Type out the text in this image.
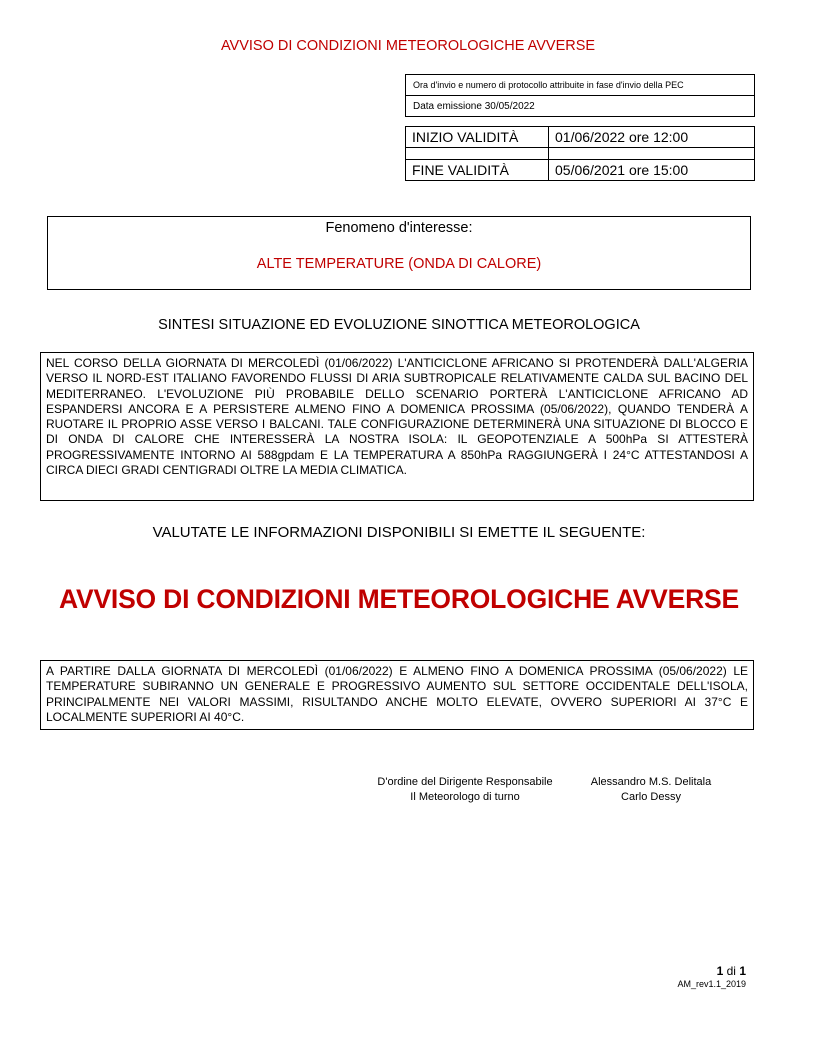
AVVISO DI CONDIZIONI METEOROLOGICHE AVVERSE
Ora d'invio e numero di protocollo attribuite in fase d'invio della PEC
Data emissione 30/05/2022
INIZIO VALIDITÀ	01/06/2022 ore 12:00

FINE VALIDITÀ	05/06/2021 ore 15:00
Fenomeno d'interesse:
ALTE TEMPERATURE (ONDA DI CALORE)
SINTESI SITUAZIONE ED EVOLUZIONE SINOTTICA METEOROLOGICA
NEL CORSO DELLA GIORNATA DI MERCOLEDÌ (01/06/2022) L'ANTICICLONE AFRICANO SI PROTENDERÀ DALL'ALGERIA VERSO IL NORD-EST ITALIANO FAVORENDO FLUSSI DI ARIA SUBTROPICALE RELATIVAMENTE CALDA SUL BACINO DEL MEDITERRANEO. L'EVOLUZIONE PIÙ PROBABILE DELLO SCENARIO PORTERÀ L'ANTICICLONE AFRICANO AD ESPANDERSI ANCORA E A PERSISTERE ALMENO FINO A DOMENICA PROSSIMA (05/06/2022), QUANDO TENDERÀ A RUOTARE IL PROPRIO ASSE VERSO I BALCANI. TALE CONFIGURAZIONE DETERMINERÀ UNA SITUAZIONE DI BLOCCO E DI ONDA DI CALORE CHE INTERESSERÀ LA NOSTRA ISOLA: IL GEOPOTENZIALE A 500hPa SI ATTESTERÀ PROGRESSIVAMENTE INTORNO AI 588gpdam E LA TEMPERATURA A 850hPa RAGGIUNGERÀ I 24°C ATTESTANDOSI A CIRCA DIECI GRADI CENTIGRADI OLTRE LA MEDIA CLIMATICA.
VALUTATE LE INFORMAZIONI DISPONIBILI SI EMETTE IL SEGUENTE:
AVVISO DI CONDIZIONI METEOROLOGICHE AVVERSE
A PARTIRE DALLA GIORNATA DI MERCOLEDÌ (01/06/2022) E ALMENO FINO A DOMENICA PROSSIMA (05/06/2022) LE TEMPERATURE SUBIRANNO UN GENERALE E PROGRESSIVO AUMENTO SUL SETTORE OCCIDENTALE DELL'ISOLA, PRINCIPALMENTE NEI VALORI MASSIMI, RISULTANDO ANCHE MOLTO ELEVATE, OVVERO SUPERIORI AI 37°C E LOCALMENTE SUPERIORI AI 40°C.
D'ordine del Dirigente Responsabile
Il Meteorologo di turno
Alessandro M.S. Delitala
Carlo Dessy
1 di 1
AM_rev1.1_2019
